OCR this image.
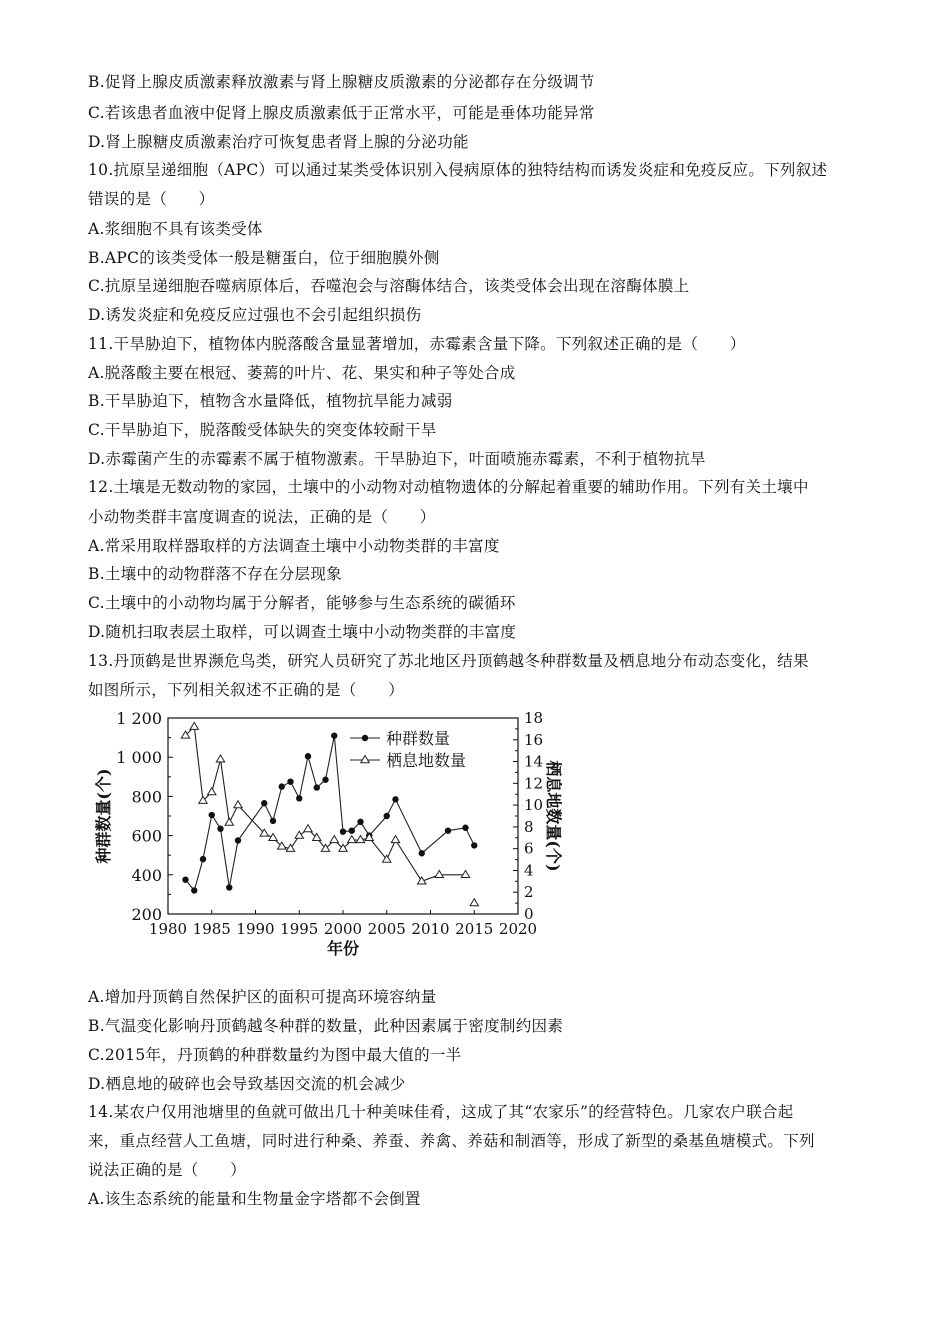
B.促肾上腺皮质激素释放激素与肾上腺糖皮质激素的分泌都存在分级调节
C.若该患者血液中促肾上腺皮质激素低于正常水平，可能是垂体功能异常
D.肾上腺糖皮质激素治疗可恢复患者肾上腺的分泌功能
10.抗原呈递细胞（APC）可以通过某类受体识别入侵病原体的独特结构而诱发炎症和免疫反应。下列叙述
错误的是（　　）
A.浆细胞不具有该类受体
B.APC的该类受体一般是糖蛋白，位于细胞膜外侧
C.抗原呈递细胞吞噬病原体后，吞噬泡会与溶酶体结合，该类受体会出现在溶酶体膜上
D.诱发炎症和免疫反应过强也不会引起组织损伤
11.干旱胁迫下，植物体内脱落酸含量显著增加，赤霉素含量下降。下列叙述正确的是（　　）
A.脱落酸主要在根冠、萎蔫的叶片、花、果实和种子等处合成
B.干旱胁迫下，植物含水量降低，植物抗旱能力减弱
C.干旱胁迫下，脱落酸受体缺失的突变体较耐干旱
D.赤霉菌产生的赤霉素不属于植物激素。干旱胁迫下，叶面喷施赤霉素，不利于植物抗旱
12.土壤是无数动物的家园，土壤中的小动物对动植物遗体的分解起着重要的辅助作用。下列有关土壤中
小动物类群丰富度调查的说法，正确的是（　　）
A.常采用取样器取样的方法调查土壤中小动物类群的丰富度
B.土壤中的动物群落不存在分层现象
C.土壤中的小动物均属于分解者，能够参与生态系统的碳循环
D.随机扫取表层土取样，可以调查土壤中小动物类群的丰富度
13.丹顶鹤是世界濒危鸟类，研究人员研究了苏北地区丹顶鹤越冬种群数量及栖息地分布动态变化，结果
如图所示，下列相关叙述不正确的是（　　）
1980 1985 1990 1995 2000 2005 2010 2015 2020
200
400
600
800
1 000
1 200
0
2
4
6
8
10
12
14
16
18
年份
种群数量(个)	栖息地数量(个)
种群数量
栖息地数量
A.增加丹顶鹤自然保护区的面积可提高环境容纳量
B.气温变化影响丹顶鹤越冬种群的数量，此种因素属于密度制约因素
C.2015年，丹顶鹤的种群数量约为图中最大值的一半
D.栖息地的破碎也会导致基因交流的机会减少
14.某农户仅用池塘里的鱼就可做出几十种美味佳肴，这成了其“农家乐”的经营特色。几家农户联合起
来，重点经营人工鱼塘，同时进行种桑、养蚕、养禽、养菇和制酒等，形成了新型的桑基鱼塘模式。下列
说法正确的是（　　）
A.该生态系统的能量和生物量金字塔都不会倒置
